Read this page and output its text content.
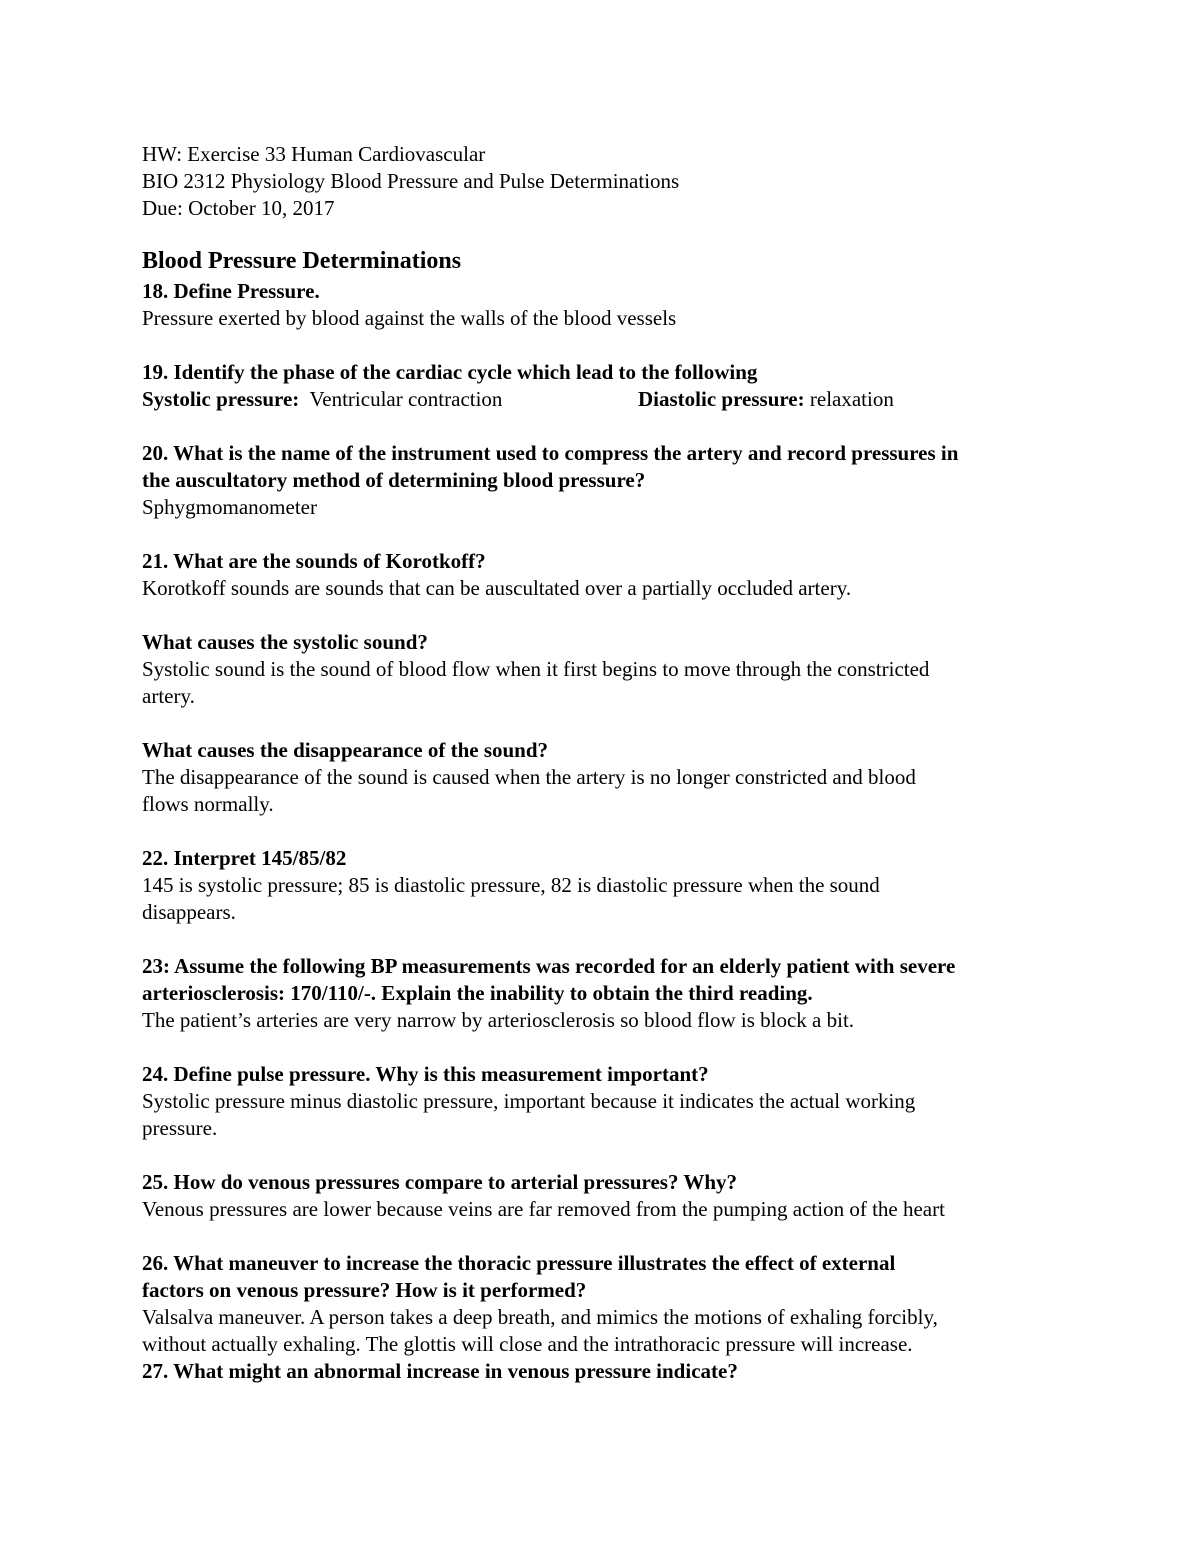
HW: Exercise 33 Human Cardiovascular
BIO 2312 Physiology Blood Pressure and Pulse Determinations
Due: October 10, 2017
Blood Pressure Determinations
18. Define Pressure.
Pressure exerted by blood against the walls of the blood vessels
19. Identify the phase of the cardiac cycle which lead to the following
Systolic pressure: Ventricular contraction	Diastolic pressure: relaxation
20. What is the name of the instrument used to compress the artery and record pressures in
the auscultatory method of determining blood pressure?
Sphygmomanometer
21. What are the sounds of Korotkoff?
Korotkoff sounds are sounds that can be auscultated over a partially occluded artery.
What causes the systolic sound?
Systolic sound is the sound of blood flow when it first begins to move through the constricted
artery.
What causes the disappearance of the sound?
The disappearance of the sound is caused when the artery is no longer constricted and blood
flows normally.
22. Interpret 145/85/82
145 is systolic pressure; 85 is diastolic pressure, 82 is diastolic pressure when the sound
disappears.
23: Assume the following BP measurements was recorded for an elderly patient with severe
arteriosclerosis: 170/110/-. Explain the inability to obtain the third reading.
The patient’s arteries are very narrow by arteriosclerosis so blood flow is block a bit.
24. Define pulse pressure. Why is this measurement important?
Systolic pressure minus diastolic pressure, important because it indicates the actual working
pressure.
25. How do venous pressures compare to arterial pressures? Why?
Venous pressures are lower because veins are far removed from the pumping action of the heart
26. What maneuver to increase the thoracic pressure illustrates the effect of external
factors on venous pressure? How is it performed?
Valsalva maneuver. A person takes a deep breath, and mimics the motions of exhaling forcibly,
without actually exhaling. The glottis will close and the intrathoracic pressure will increase.
27. What might an abnormal increase in venous pressure indicate?
